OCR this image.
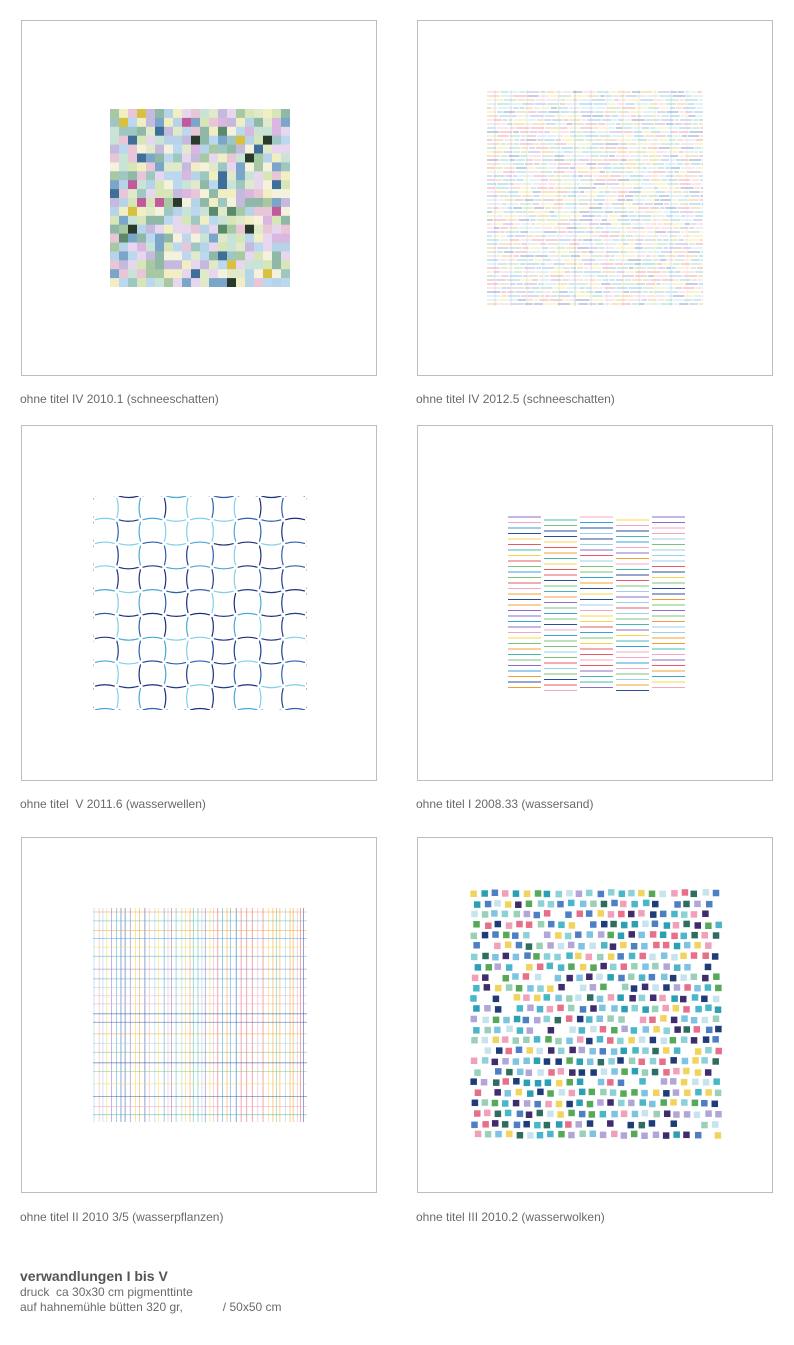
ohne titel IV 2010.1 (schneeschatten)	ohne titel IV 2012.5 (schneeschatten)
ohne titel  V 2011.6 (wasserwellen)	ohne titel I 2008.33 (wassersand)
ohne titel II 2010 3/5 (wasserpflanzen)	ohne titel III 2010.2 (wasserwolken)
verwandlungen I bis V
druck  ca 30x30 cm pigmenttinte
auf hahnemühle bütten 320 gr,            / 50x50 cm
